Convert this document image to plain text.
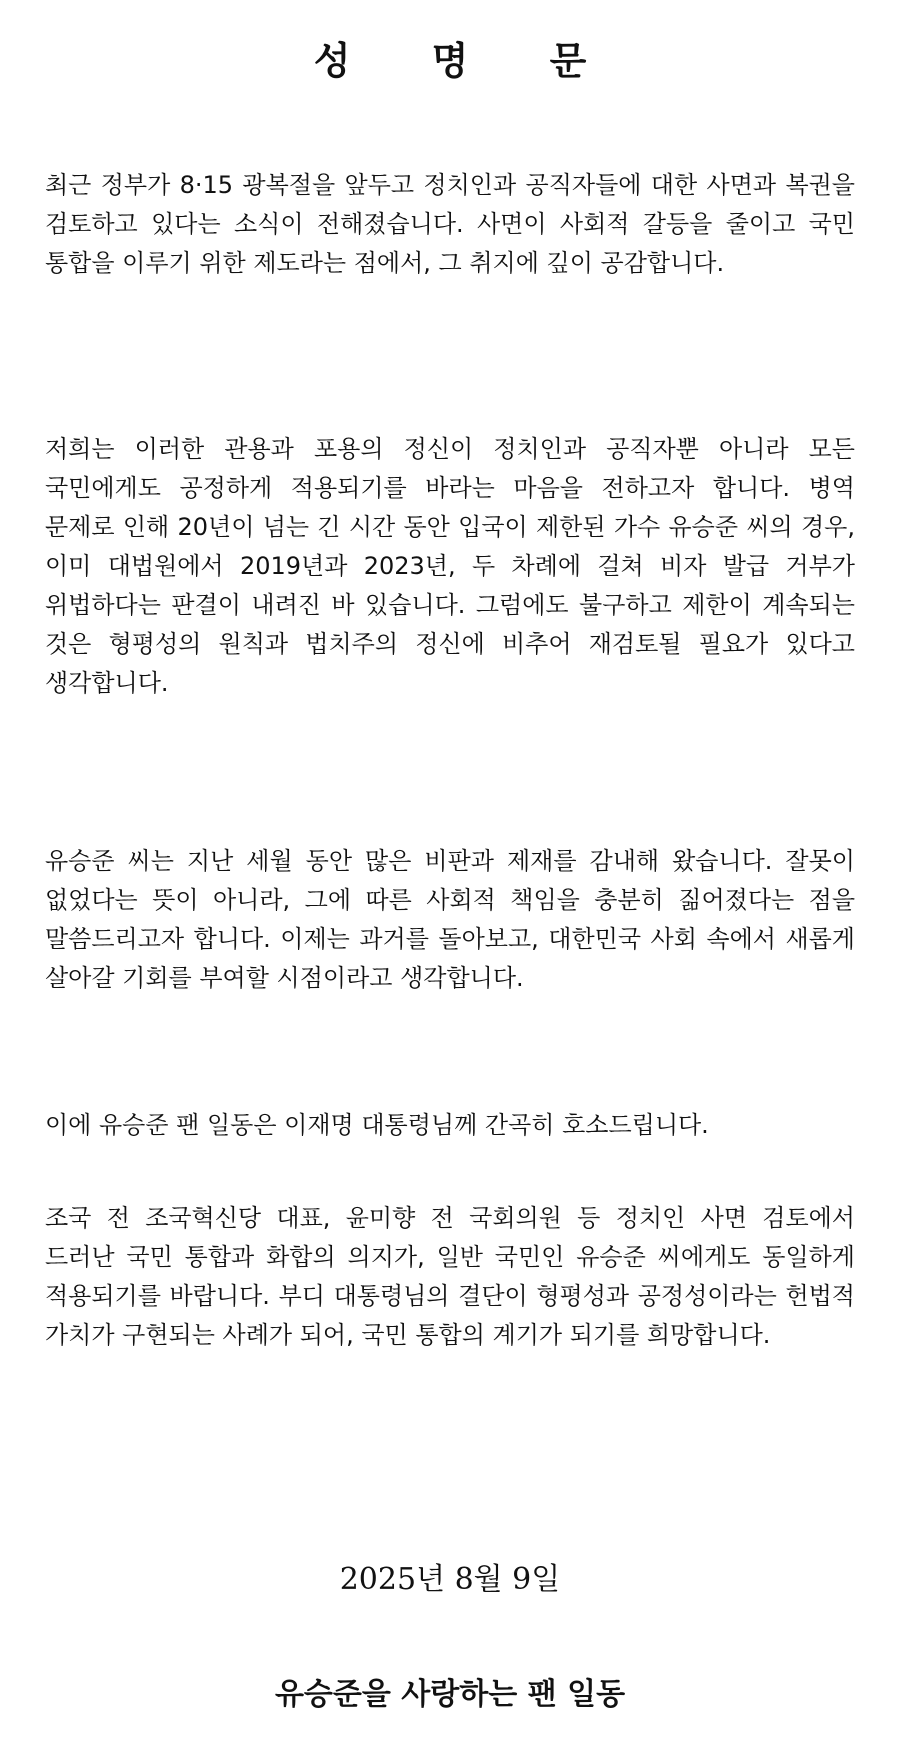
성 명 문

최근 정부가 8·15 광복절을 앞두고 정치인과 공직자들에 대한 사면과 복권을 검토하고 있다는 소식이 전해졌습니다. 사면이 사회적 갈등을 줄이고 국민 통합을 이루기 위한 제도라는 점에서, 그 취지에 깊이 공감합니다.

저희는 이러한 관용과 포용의 정신이 정치인과 공직자뿐 아니라 모든 국민에게도 공정하게 적용되기를 바라는 마음을 전하고자 합니다. 병역 문제로 인해 20년이 넘는 긴 시간 동안 입국이 제한된 가수 유승준 씨의 경우, 이미 대법원에서 2019년과 2023년, 두 차례에 걸쳐 비자 발급 거부가 위법하다는 판결이 내려진 바 있습니다. 그럼에도 불구하고 제한이 계속되는 것은 형평성의 원칙과 법치주의 정신에 비추어 재검토될 필요가 있다고 생각합니다.

유승준 씨는 지난 세월 동안 많은 비판과 제재를 감내해 왔습니다. 잘못이 없었다는 뜻이 아니라, 그에 따른 사회적 책임을 충분히 짊어졌다는 점을 말씀드리고자 합니다. 이제는 과거를 돌아보고, 대한민국 사회 속에서 새롭게 살아갈 기회를 부여할 시점이라고 생각합니다.

이에 유승준 팬 일동은 이재명 대통령님께 간곡히 호소드립니다.

조국 전 조국혁신당 대표, 윤미향 전 국회의원 등 정치인 사면 검토에서 드러난 국민 통합과 화합의 의지가, 일반 국민인 유승준 씨에게도 동일하게 적용되기를 바랍니다. 부디 대통령님의 결단이 형평성과 공정성이라는 헌법적 가치가 구현되는 사례가 되어, 국민 통합의 계기가 되기를 희망합니다.

2025년 8월 9일
유승준을 사랑하는 팬 일동
